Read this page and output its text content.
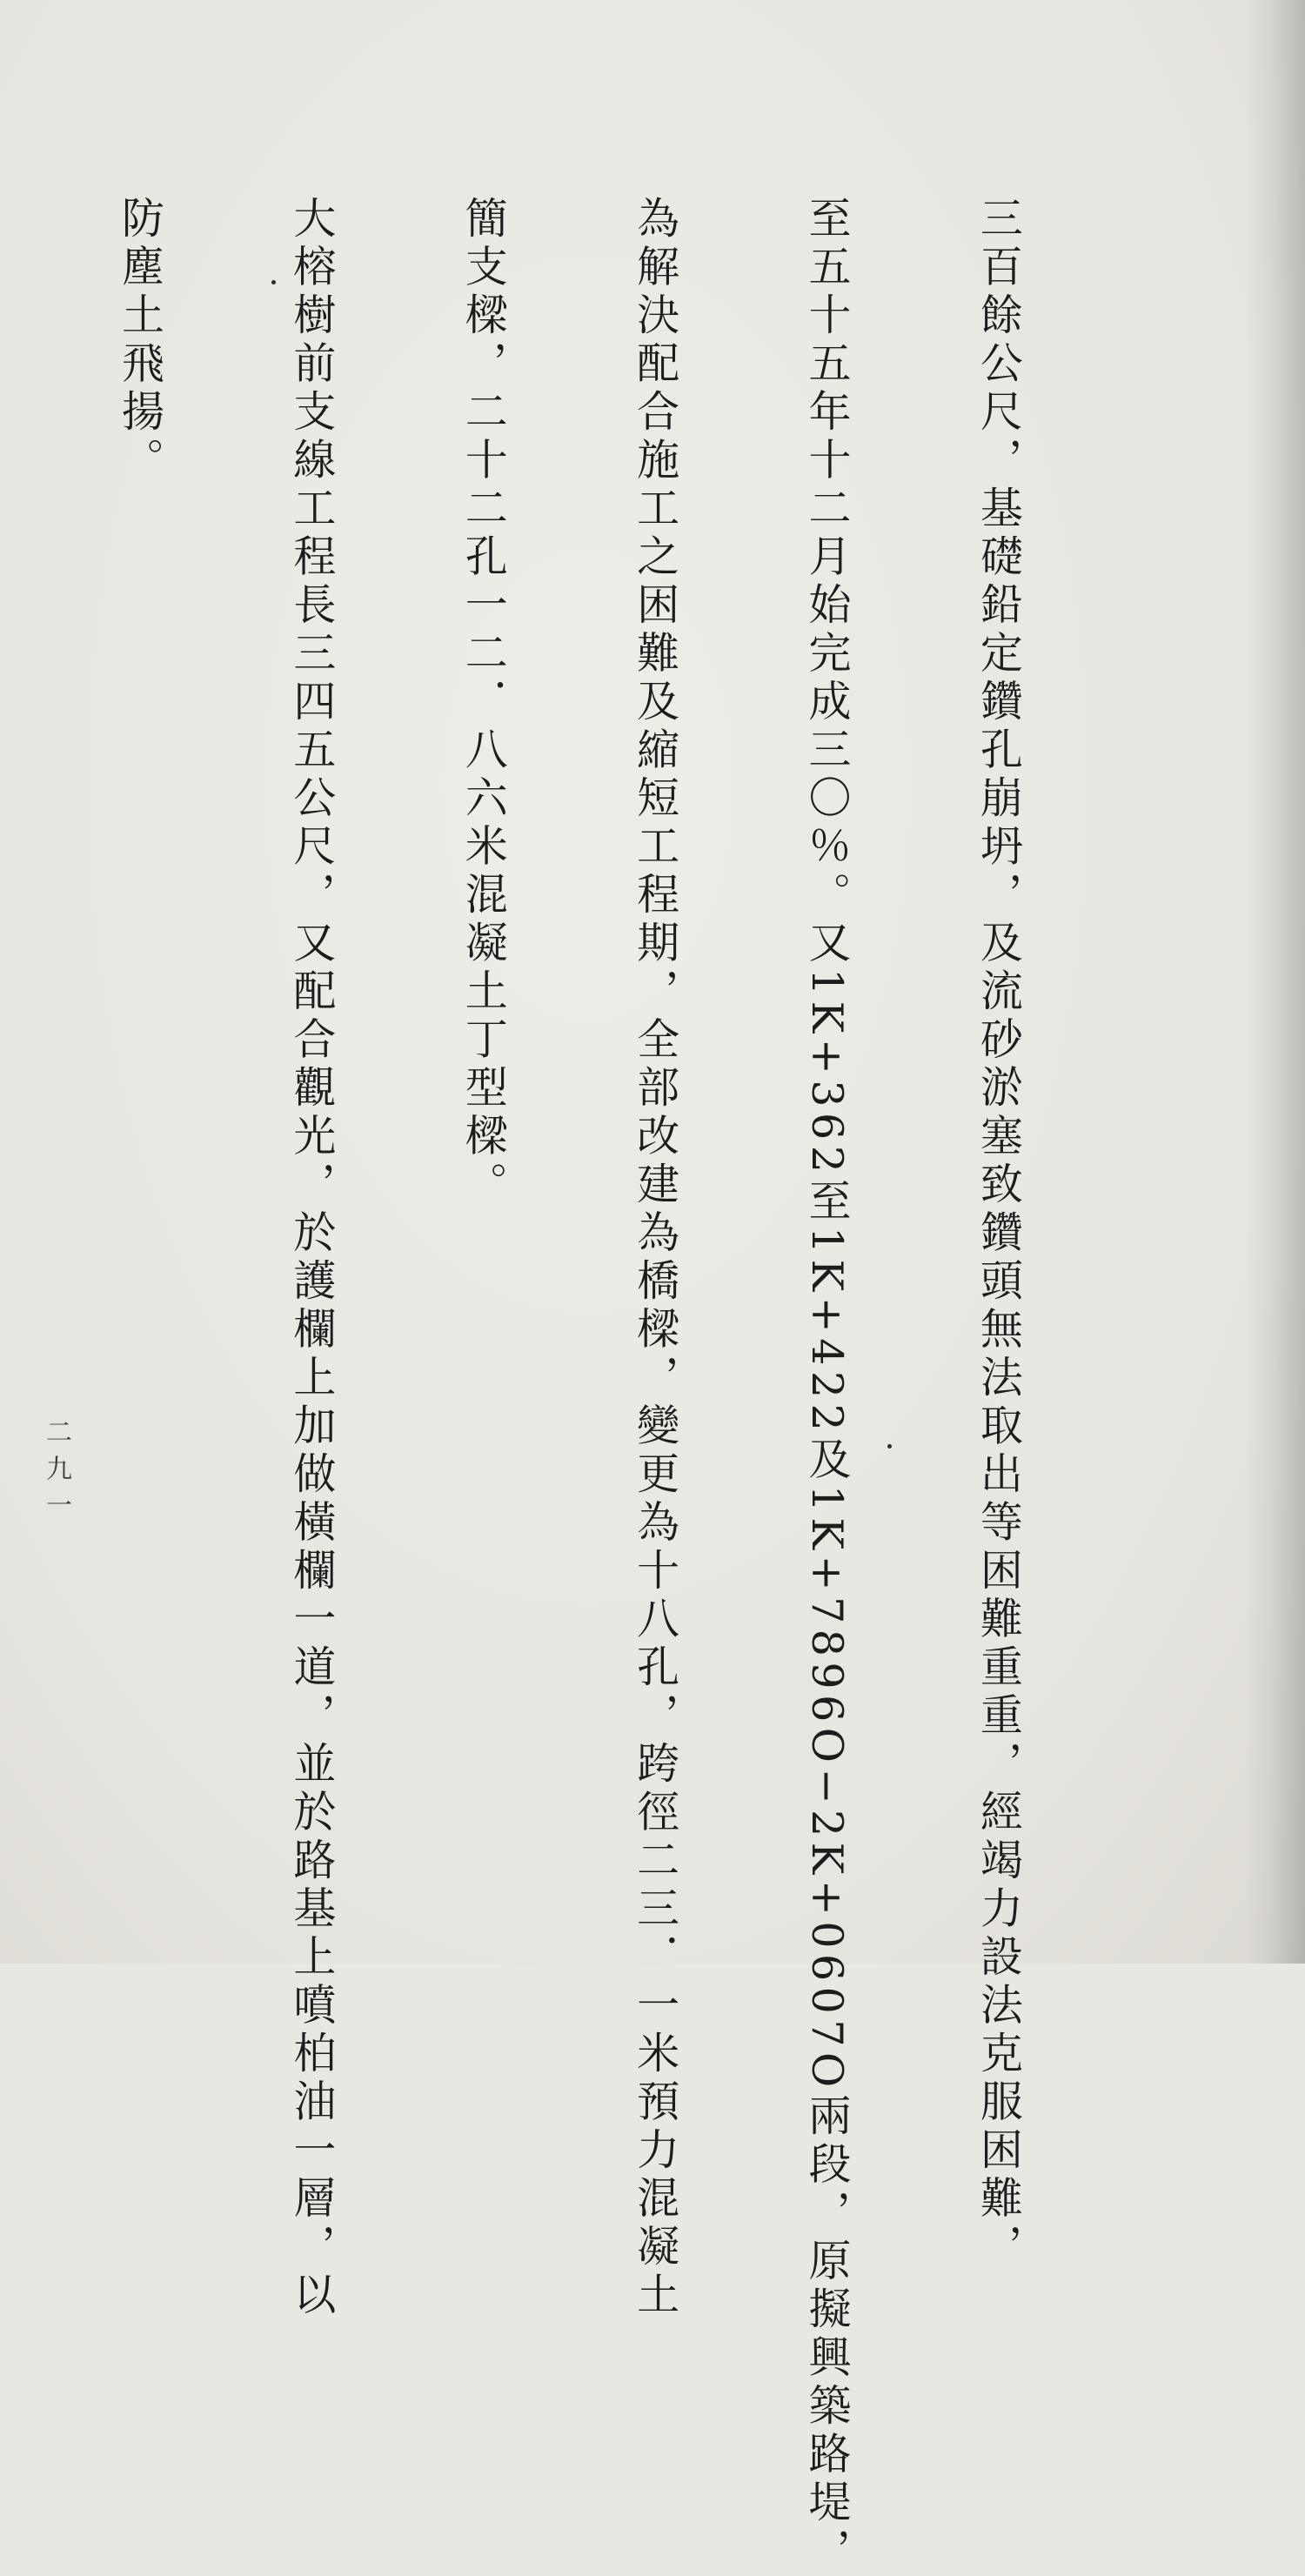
三百餘公尺，基礎鉛定鑽孔崩坍，及流砂淤塞致鑽頭無法取出等困難重重，經竭力設法克服困難，

至五十五年十二月始完成三〇％。又1K+362至1K+422及1K+7896O−2K+0607O兩段，原擬興築路堤，

為解決配合施工之困難及縮短工程期，全部改建為橋樑，變更為十八孔，跨徑二三．一米預力混凝土

簡支樑，二十二孔一二．八六米混凝土丁型樑。

大榕樹前支線工程長三四五公尺，又配合觀光，於護欄上加做橫欄一道，並於路基上噴柏油一層，以

防塵土飛揚。

二九一
